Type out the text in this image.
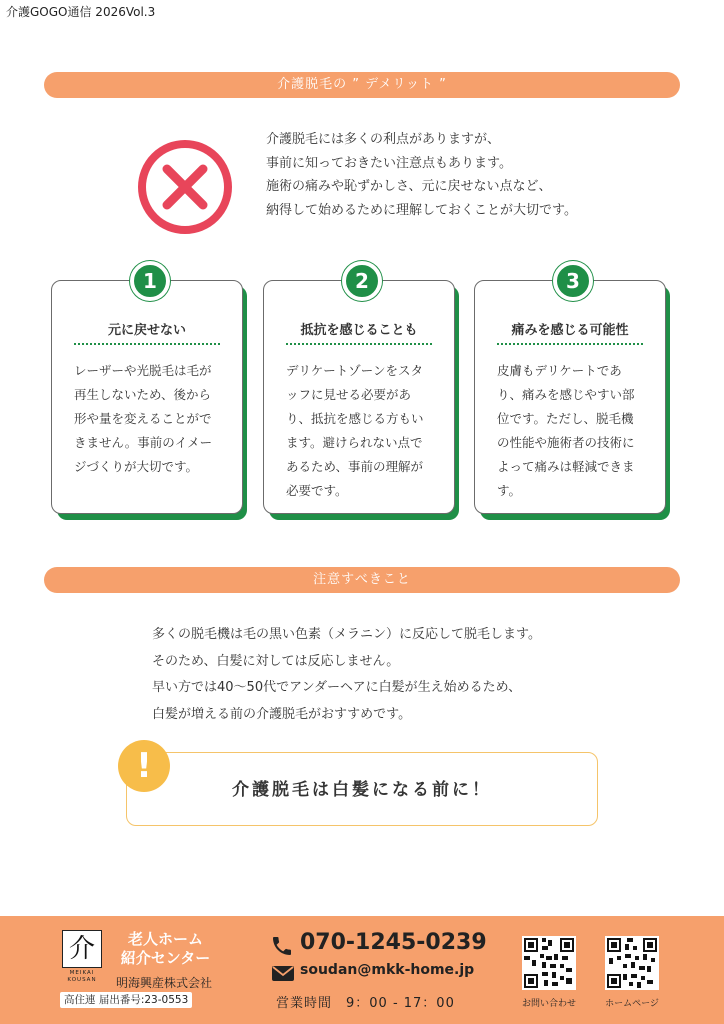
介護GOGO通信 2026Vol.3
介護脱毛の ” デメリット ”

介護脱毛には多くの利点がありますが、

事前に知っておきたい注意点もあります。

施術の痛みや恥ずかしさ、元に戻せない点など、

納得して始めるために理解しておくことが大切です。

1
元に戻せない

レーザーや光脱毛は毛が

再生しないため、後から

形や量を変えることがで

きません。事前のイメー

ジづくりが大切です。

2
抵抗を感じることも

デリケートゾーンをスタ

ッフに見せる必要があ

り、抵抗を感じる方もい

ます。避けられない点で

あるため、事前の理解が

必要です。

3
痛みを感じる可能性

皮膚もデリケートであ

り、痛みを感じやすい部

位です。ただし、脱毛機

の性能や施術者の技術に

よって痛みは軽減できま

す。

注意すべきこと

多くの脱毛機は毛の黒い色素（メラニン）に反応して脱毛します。

そのため、白髪に対しては反応しません。

早い方では40〜50代でアンダーヘアに白髪が生え始めるため、

白髪が増える前の介護脱毛がおすすめです。

介護脱毛は白髪になる前に！
!
介
MEIKAI
KOUSAN

老人ホーム

紹介センター

明海興産株式会社
高住連 届出番号:23-0553
070-1245-0239
soudan@mkk-home.jp
営業時間　9：00 - 17：00	お問い合わせ	ホームページ
